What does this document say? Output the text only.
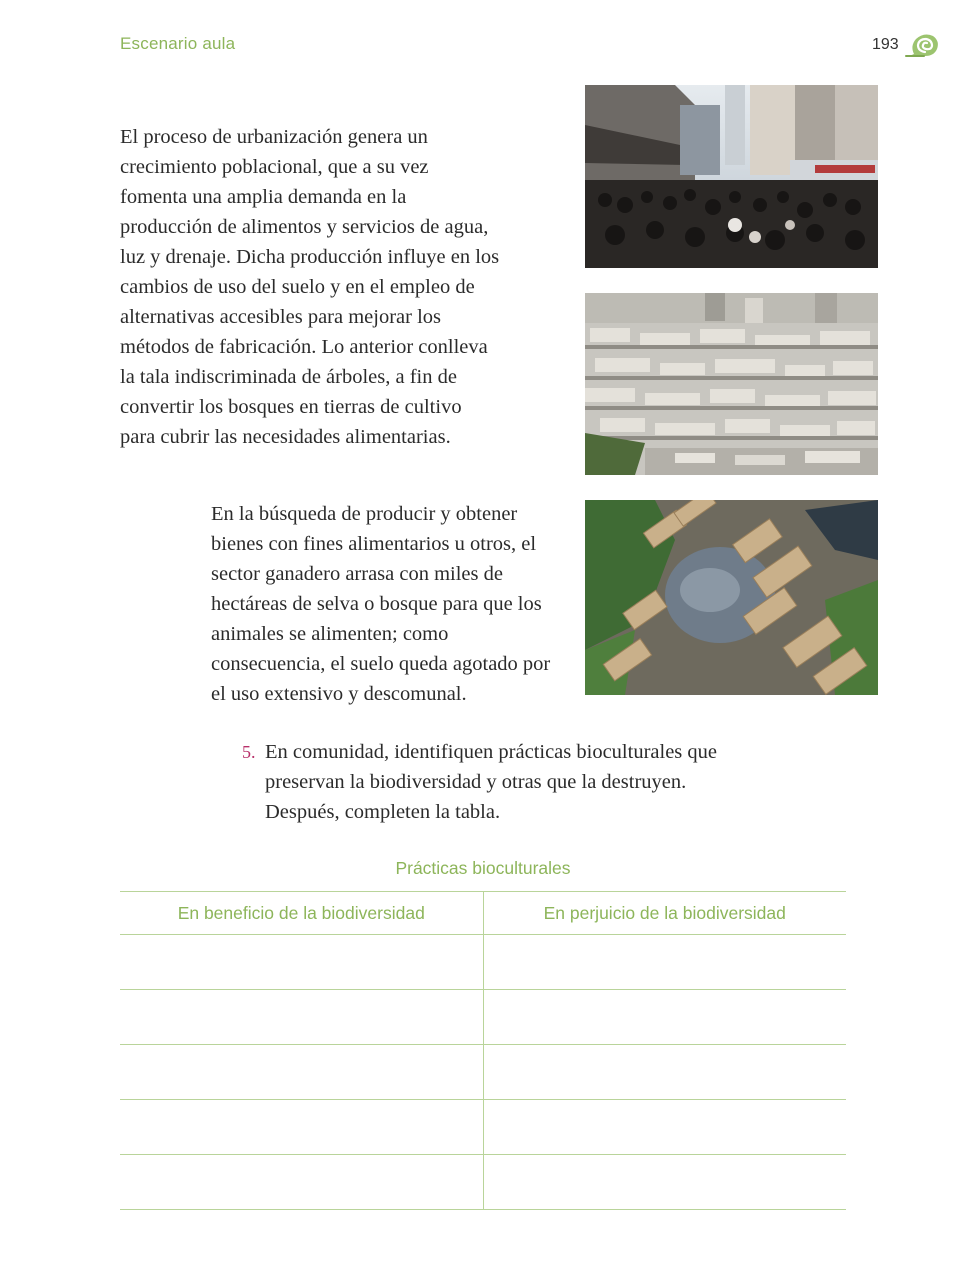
Escenario aula	193

El proceso de urbanización genera un crecimiento poblacional, que a su vez fomenta una amplia demanda en la producción de alimentos y servicios de agua, luz y drenaje. Dicha producción influye en los cambios de uso del suelo y en el empleo de alternativas accesibles para mejorar los métodos de fabricación. Lo anterior conlleva la tala indiscriminada de árboles, a fin de convertir los bosques en tierras de cultivo para cubrir las necesidades alimentarias.

En la búsqueda de producir y obtener bienes con fines alimentarios u otros, el sector ganadero arrasa con miles de hectáreas de selva o bosque para que los animales se alimenten; como consecuencia, el suelo queda agotado por el uso extensivo y descomunal.

5. En comunidad, identifiquen prácticas bioculturales que preservan la biodiversidad y otras que la destruyen. Después, completen la tabla.

Prácticas bioculturales
En beneficio de la biodiversidad	En perjuicio de la biodiversidad
